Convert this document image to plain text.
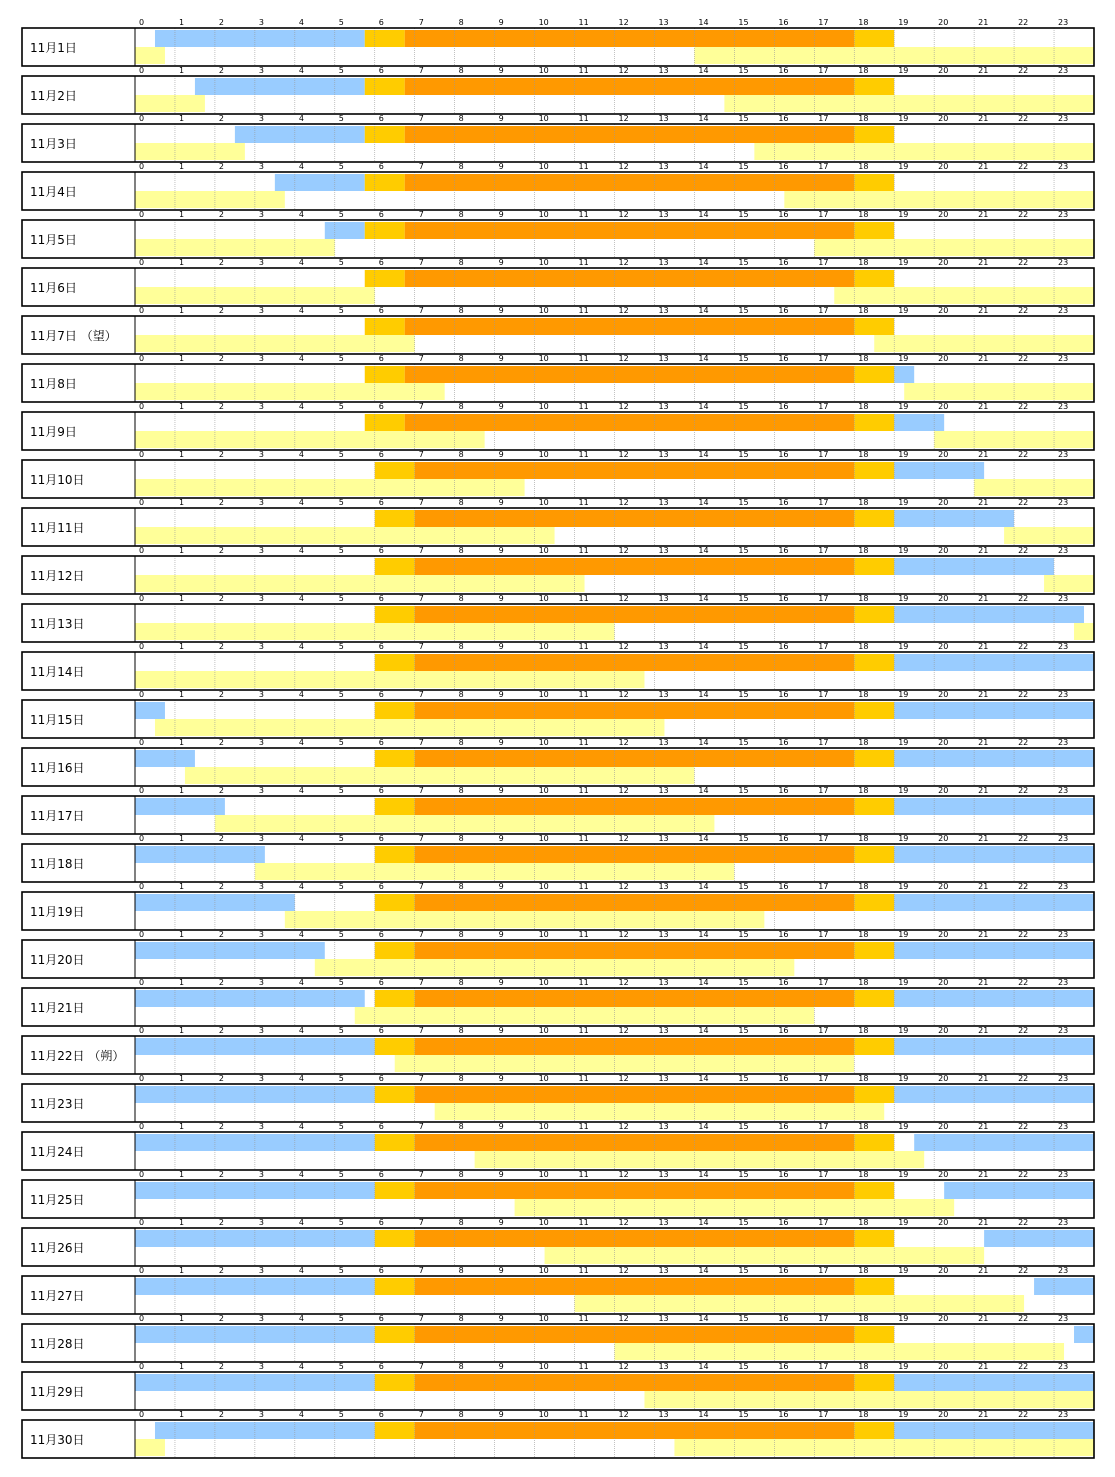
0	1	2	3	4	5	6	7	8	9	10	11	12	13	14	15	16	17	18	19	20	21	22	23
11月1日
0	1	2	3	4	5	6	7	8	9	10	11	12	13	14	15	16	17	18	19	20	21	22	23
11月2日
0	1	2	3	4	5	6	7	8	9	10	11	12	13	14	15	16	17	18	19	20	21	22	23
11月3日
0	1	2	3	4	5	6	7	8	9	10	11	12	13	14	15	16	17	18	19	20	21	22	23
11月4日
0	1	2	3	4	5	6	7	8	9	10	11	12	13	14	15	16	17	18	19	20	21	22	23
11月5日
0	1	2	3	4	5	6	7	8	9	10	11	12	13	14	15	16	17	18	19	20	21	22	23
11月6日
0	1	2	3	4	5	6	7	8	9	10	11	12	13	14	15	16	17	18	19	20	21	22	23
11月7日 （望）
0	1	2	3	4	5	6	7	8	9	10	11	12	13	14	15	16	17	18	19	20	21	22	23
11月8日
0	1	2	3	4	5	6	7	8	9	10	11	12	13	14	15	16	17	18	19	20	21	22	23
11月9日
0	1	2	3	4	5	6	7	8	9	10	11	12	13	14	15	16	17	18	19	20	21	22	23
11月10日
0	1	2	3	4	5	6	7	8	9	10	11	12	13	14	15	16	17	18	19	20	21	22	23
11月11日
0	1	2	3	4	5	6	7	8	9	10	11	12	13	14	15	16	17	18	19	20	21	22	23
11月12日
0	1	2	3	4	5	6	7	8	9	10	11	12	13	14	15	16	17	18	19	20	21	22	23
11月13日
0	1	2	3	4	5	6	7	8	9	10	11	12	13	14	15	16	17	18	19	20	21	22	23
11月14日
0	1	2	3	4	5	6	7	8	9	10	11	12	13	14	15	16	17	18	19	20	21	22	23
11月15日
0	1	2	3	4	5	6	7	8	9	10	11	12	13	14	15	16	17	18	19	20	21	22	23
11月16日
0	1	2	3	4	5	6	7	8	9	10	11	12	13	14	15	16	17	18	19	20	21	22	23
11月17日
0	1	2	3	4	5	6	7	8	9	10	11	12	13	14	15	16	17	18	19	20	21	22	23
11月18日
0	1	2	3	4	5	6	7	8	9	10	11	12	13	14	15	16	17	18	19	20	21	22	23
11月19日
0	1	2	3	4	5	6	7	8	9	10	11	12	13	14	15	16	17	18	19	20	21	22	23
11月20日
0	1	2	3	4	5	6	7	8	9	10	11	12	13	14	15	16	17	18	19	20	21	22	23
11月21日
0	1	2	3	4	5	6	7	8	9	10	11	12	13	14	15	16	17	18	19	20	21	22	23
11月22日 （朔）
0	1	2	3	4	5	6	7	8	9	10	11	12	13	14	15	16	17	18	19	20	21	22	23
11月23日
0	1	2	3	4	5	6	7	8	9	10	11	12	13	14	15	16	17	18	19	20	21	22	23
11月24日
0	1	2	3	4	5	6	7	8	9	10	11	12	13	14	15	16	17	18	19	20	21	22	23
11月25日
0	1	2	3	4	5	6	7	8	9	10	11	12	13	14	15	16	17	18	19	20	21	22	23
11月26日
0	1	2	3	4	5	6	7	8	9	10	11	12	13	14	15	16	17	18	19	20	21	22	23
11月27日
0	1	2	3	4	5	6	7	8	9	10	11	12	13	14	15	16	17	18	19	20	21	22	23
11月28日
0	1	2	3	4	5	6	7	8	9	10	11	12	13	14	15	16	17	18	19	20	21	22	23
11月29日
0	1	2	3	4	5	6	7	8	9	10	11	12	13	14	15	16	17	18	19	20	21	22	23
11月30日
